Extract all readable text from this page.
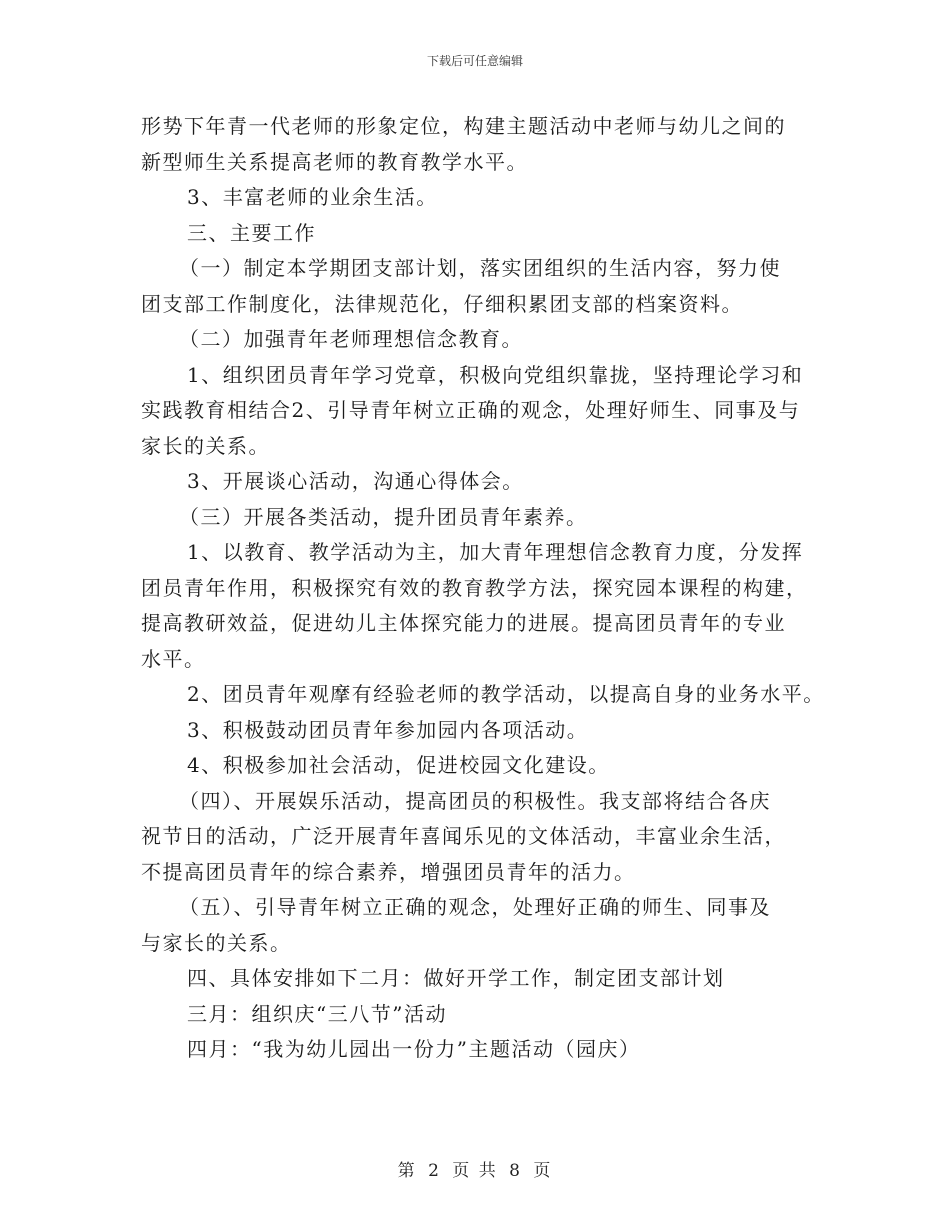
下载后可任意编辑

形势下年青一代老师的形象定位，构建主题活动中老师与幼儿之间的

新型师生关系提高老师的教育教学水平。

3、丰富老师的业余生活。

三、主要工作

（一）制定本学期团支部计划，落实团组织的生活内容，努力使

团支部工作制度化，法律规范化，仔细积累团支部的档案资料。

（二）加强青年老师理想信念教育。

1、组织团员青年学习党章，积极向党组织靠拢，坚持理论学习和

实践教育相结合2、引导青年树立正确的观念，处理好师生、同事及与

家长的关系。

3、开展谈心活动，沟通心得体会。

（三）开展各类活动，提升团员青年素养。

1、以教育、教学活动为主，加大青年理想信念教育力度，分发挥

团员青年作用，积极探究有效的教育教学方法，探究园本课程的构建，

提高教研效益，促进幼儿主体探究能力的进展。提高团员青年的专业

水平。

2、团员青年观摩有经验老师的教学活动，以提高自身的业务水平。

3、积极鼓动团员青年参加园内各项活动。

4、积极参加社会活动，促进校园文化建设。

（四）、开展娱乐活动，提高团员的积极性。我支部将结合各庆

祝节日的活动，广泛开展青年喜闻乐见的文体活动，丰富业余生活，

不提高团员青年的综合素养，增强团员青年的活力。

（五）、引导青年树立正确的观念，处理好正确的师生、同事及

与家长的关系。

四、具体安排如下二月：做好开学工作，制定团支部计划

三月：组织庆“三八节”活动

四月：“我为幼儿园出一份力”主题活动（园庆）

第 2 页 共 8 页
